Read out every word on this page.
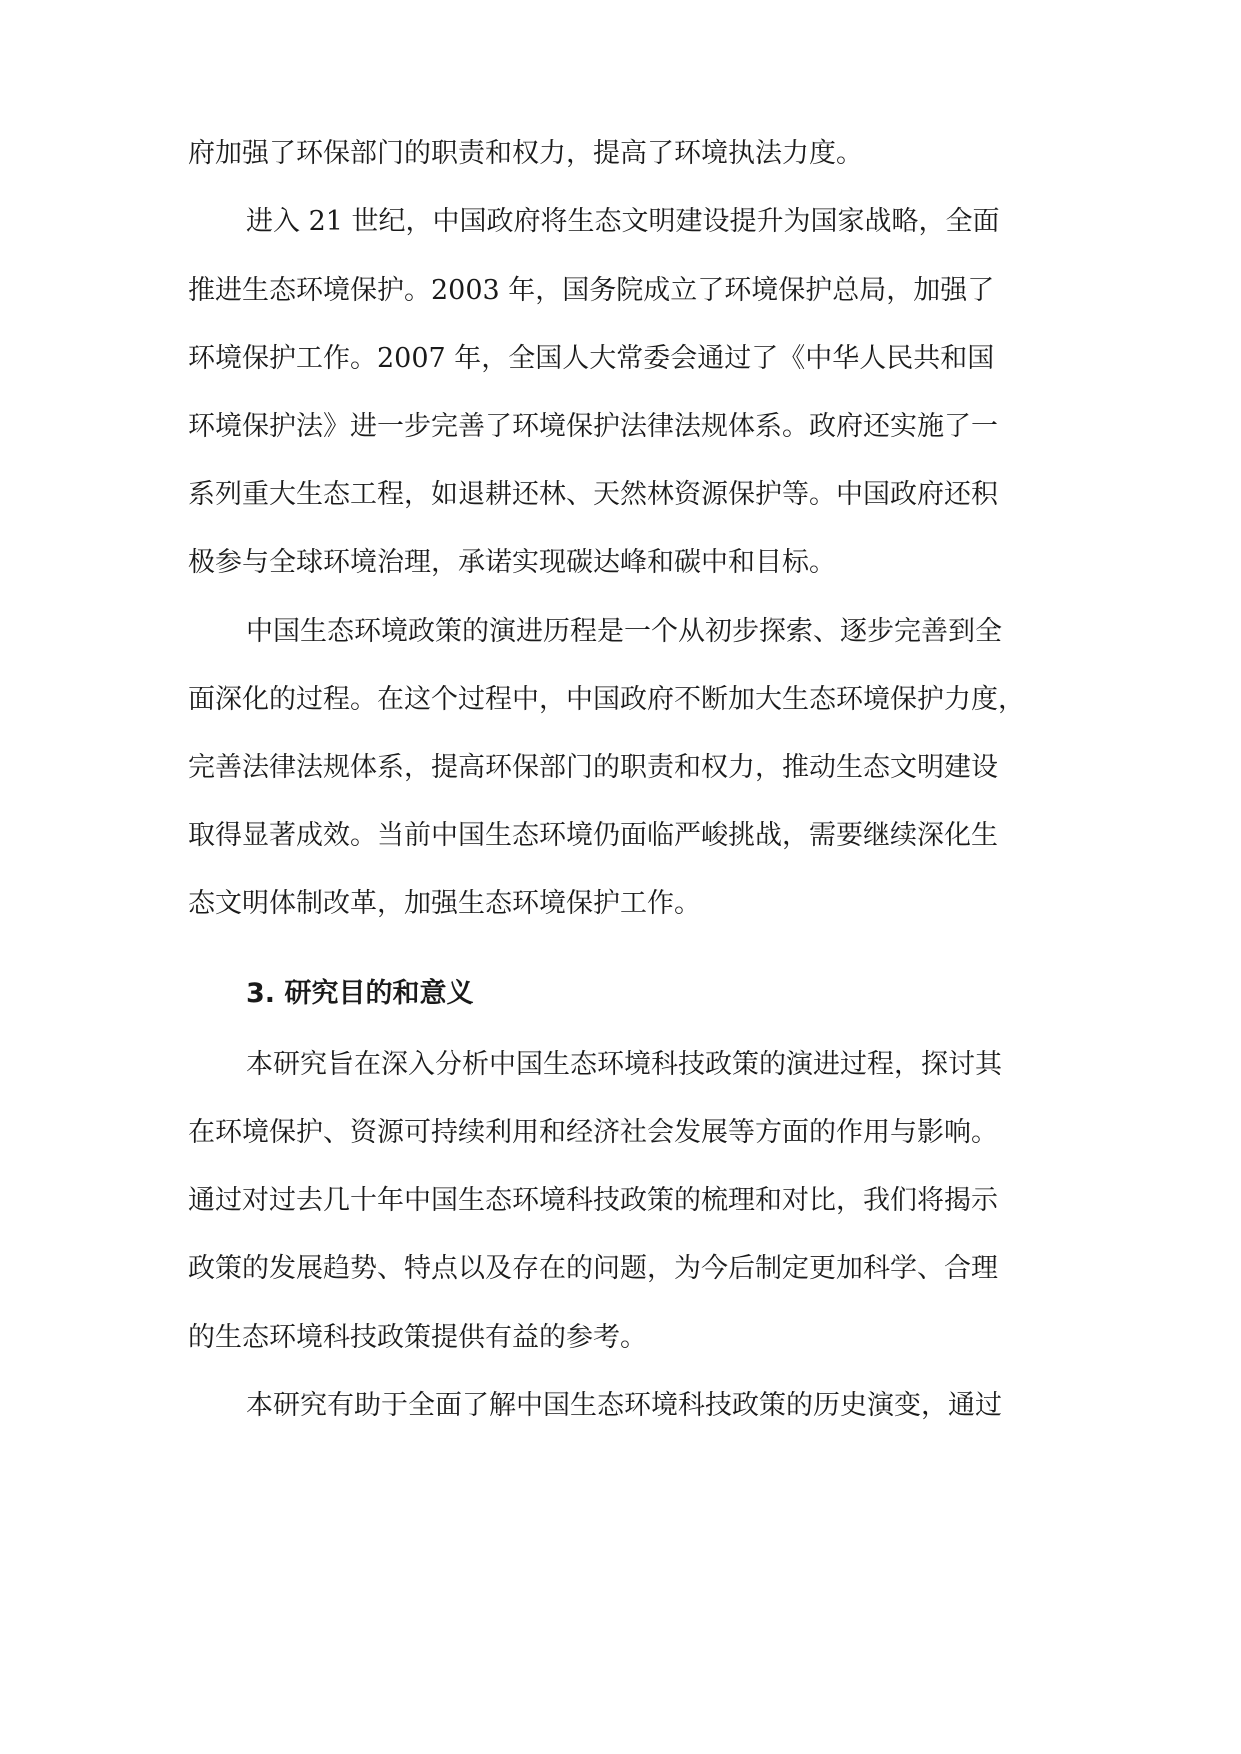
府加强了环保部门的职责和权力，提高了环境执法力度。
进入 21 世纪，中国政府将生态文明建设提升为国家战略，全面
推进生态环境保护。2003 年，国务院成立了环境保护总局，加强了
环境保护工作。2007 年，全国人大常委会通过了《中华人民共和国
环境保护法》进一步完善了环境保护法律法规体系。政府还实施了一
系列重大生态工程，如退耕还林、天然林资源保护等。中国政府还积
极参与全球环境治理，承诺实现碳达峰和碳中和目标。
中国生态环境政策的演进历程是一个从初步探索、逐步完善到全
面深化的过程。在这个过程中，中国政府不断加大生态环境保护力度，
完善法律法规体系，提高环保部门的职责和权力，推动生态文明建设
取得显著成效。当前中国生态环境仍面临严峻挑战，需要继续深化生
态文明体制改革，加强生态环境保护工作。
3. 研究目的和意义
本研究旨在深入分析中国生态环境科技政策的演进过程，探讨其
在环境保护、资源可持续利用和经济社会发展等方面的作用与影响。
通过对过去几十年中国生态环境科技政策的梳理和对比，我们将揭示
政策的发展趋势、特点以及存在的问题，为今后制定更加科学、合理
的生态环境科技政策提供有益的参考。
本研究有助于全面了解中国生态环境科技政策的历史演变，通过
